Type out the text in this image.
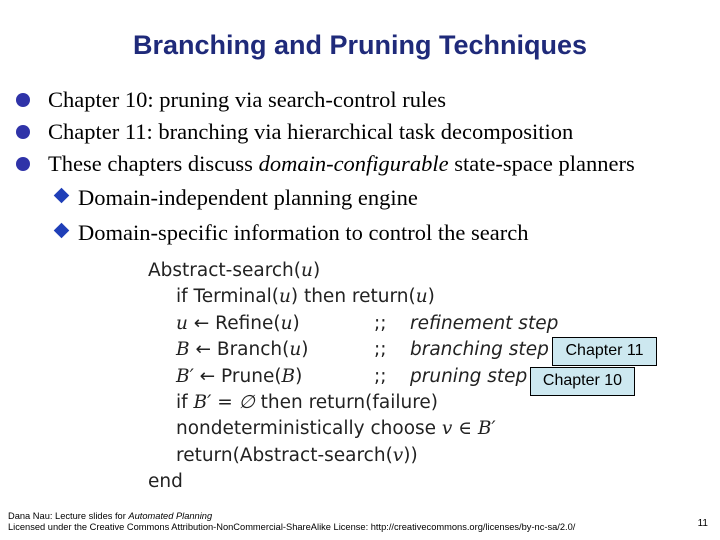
Branching and Pruning Techniques
Chapter 10: pruning via search-control rules
Chapter 11: branching via hierarchical task decomposition
These chapters discuss domain-configurable state-space planners
Domain-independent planning engine
Domain-specific information to control the search
Abstract-search(u)
if Terminal(u) then return(u)
u ← Refine(u)	;; refinement step
B ← Branch(u)	;; branching step
B′ ← Prune(B)	;; pruning step
if B′ = ∅ then return(failure)
nondeterministically choose v ∈ B′
return(Abstract-search(v))
end
Chapter 11
Chapter 10
Dana Nau: Lecture slides for Automated Planning
Licensed under the Creative Commons Attribution-NonCommercial-ShareAlike License: http://creativecommons.org/licenses/by-nc-sa/2.0/	11
